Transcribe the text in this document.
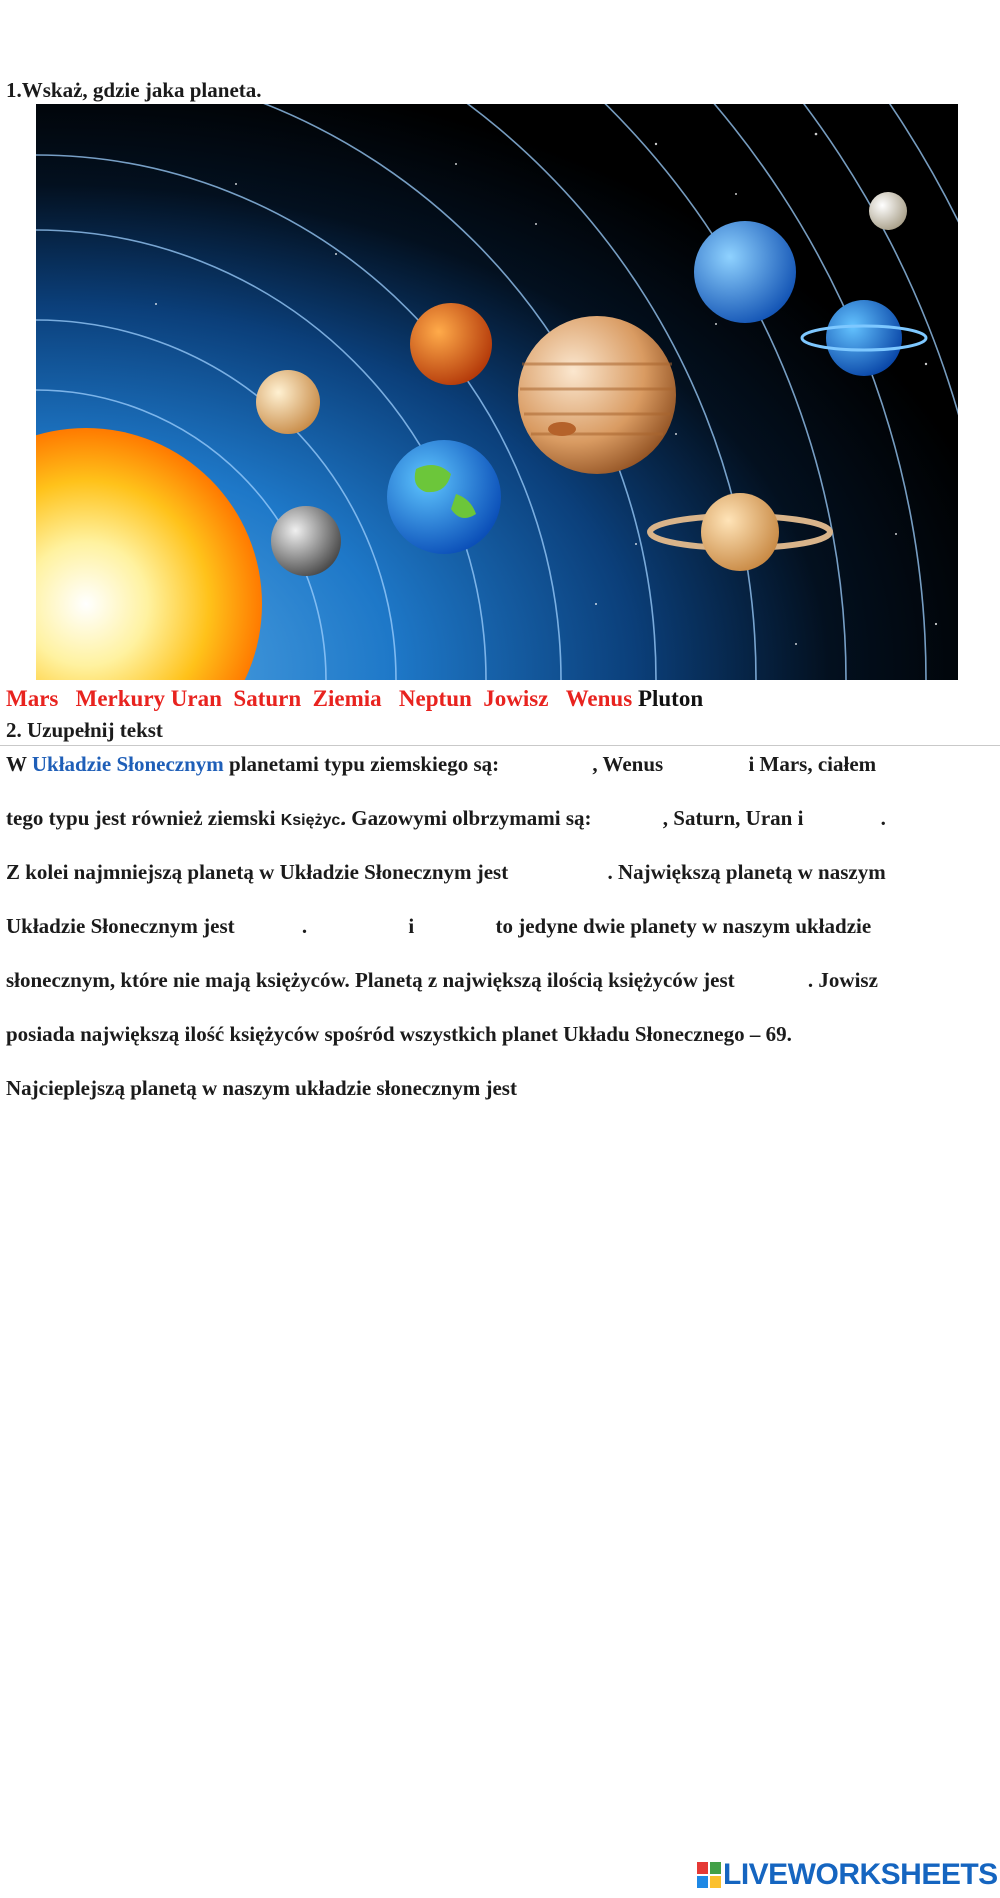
1.Wskaż, gdzie jaka planeta.
Mars Merkury Uran Saturn Ziemia Neptun Jowisz Wenus Pluton
2. Uzupełnij tekst
W Układzie Słonecznym planetami typu ziemskiego są:	, Wenus	i Mars, ciałem
tego typu jest również ziemski Księżyc.. Gazowymi olbrzymami są:	, Saturn, Uran i	.
Z kolei najmniejszą planetą w Układzie Słonecznym jest	. Największą planetą w naszym
Układzie Słonecznym jest	.	i	to jedyne dwie planety w naszym układzie
słonecznym, które nie mają księżyców. Planetą z największą ilością księżyców jest	. Jowisz
posiada największą ilość księżyców spośród wszystkich planet Układu Słonecznego – 69.
Najcieplejszą planetą w naszym układzie słonecznym jest
LIVEWORKSHEETS
